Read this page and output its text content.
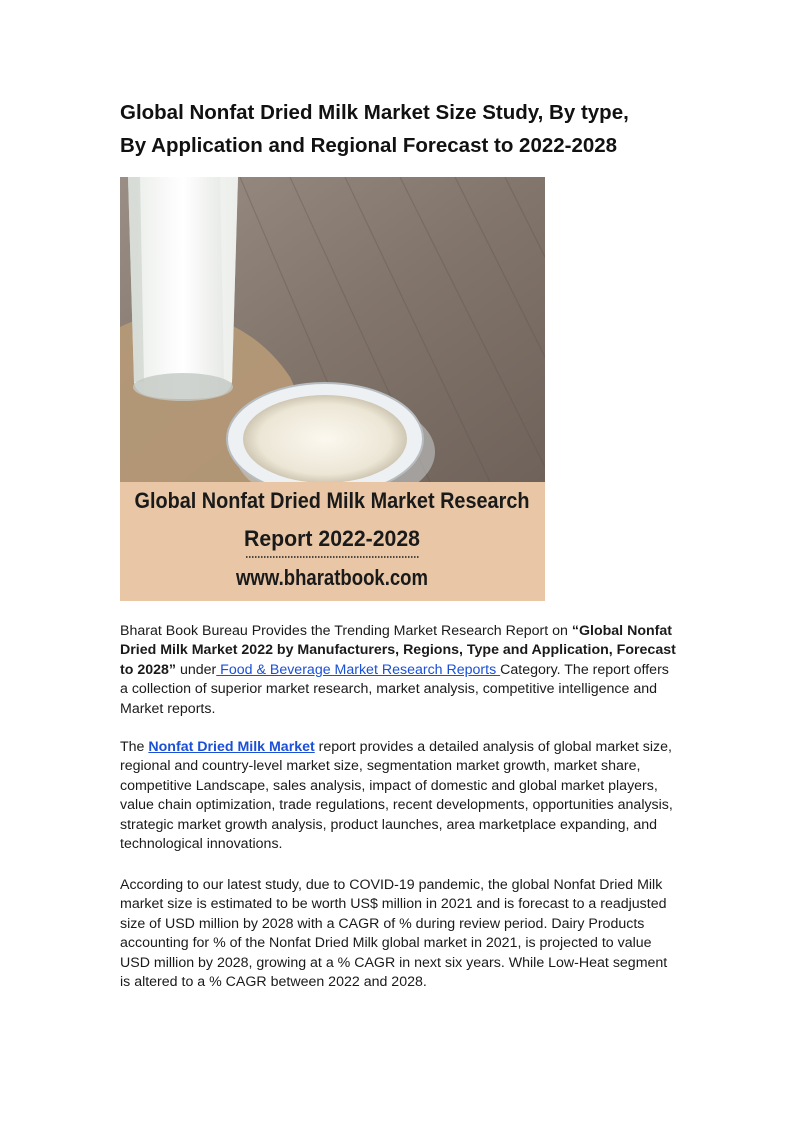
Global Nonfat Dried Milk Market Size Study, By type,
By Application and Regional Forecast to 2022-2028
Global Nonfat Dried Milk Market Research
Report 2022-2028
www.bharatbook.com

Bharat Book Bureau Provides the Trending Market Research Report on “Global Nonfat Dried Milk Market 2022 by Manufacturers, Regions, Type and Application, Forecast to 2028” under Food & Beverage Market Research Reports Category. The report offers a collection of superior market research, market analysis, competitive intelligence and Market reports.

The Nonfat Dried Milk Market report provides a detailed analysis of global market size, regional and country-level market size, segmentation market growth, market share, competitive Landscape, sales analysis, impact of domestic and global market players, value chain optimization, trade regulations, recent developments, opportunities analysis, strategic market growth analysis, product launches, area marketplace expanding, and technological innovations.

According to our latest study, due to COVID-19 pandemic, the global Nonfat Dried Milk market size is estimated to be worth US$ million in 2021 and is forecast to a readjusted size of USD million by 2028 with a CAGR of % during review period. Dairy Products accounting for % of the Nonfat Dried Milk global market in 2021, is projected to value USD million by 2028, growing at a % CAGR in next six years. While Low-Heat segment is altered to a % CAGR between 2022 and 2028.
